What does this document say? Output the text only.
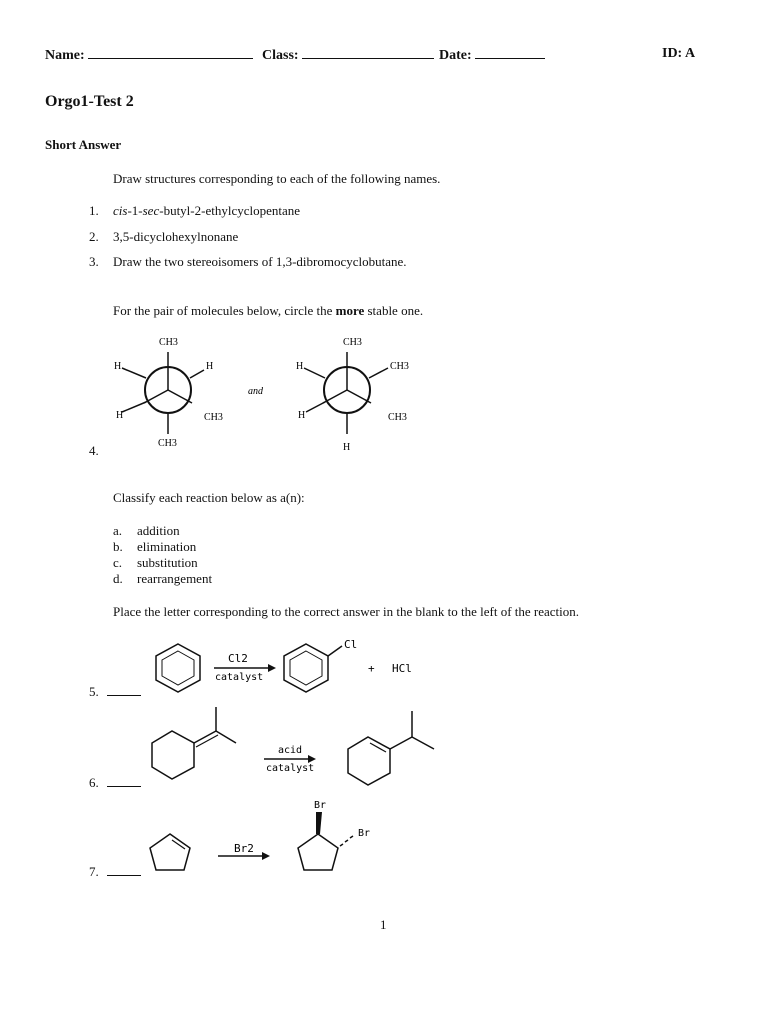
Name:	Class:	Date:	ID: A
Orgo1-Test 2
Short Answer
Draw structures corresponding to each of the following names.
1. cis-1-sec-butyl-2-ethylcyclopentane
2. 3,5-dicyclohexylnonane
3. Draw the two stereoisomers of 1,3-dibromocyclobutane.
For the pair of molecules below, circle the more stable one.
4.
CH3
H	H
H	CH3
CH3
and
CH3
H	CH3
H	CH3
H
Classify each reaction below as a(n):
a. addition
b. elimination
c. substitution
d. rearrangement
Place the letter corresponding to the correct answer in the blank to the left of the reaction.
5.
Cl2
catalyst
Cl
+ HCl
6.
acid
catalyst
7.
Br2
Br
Br
1
